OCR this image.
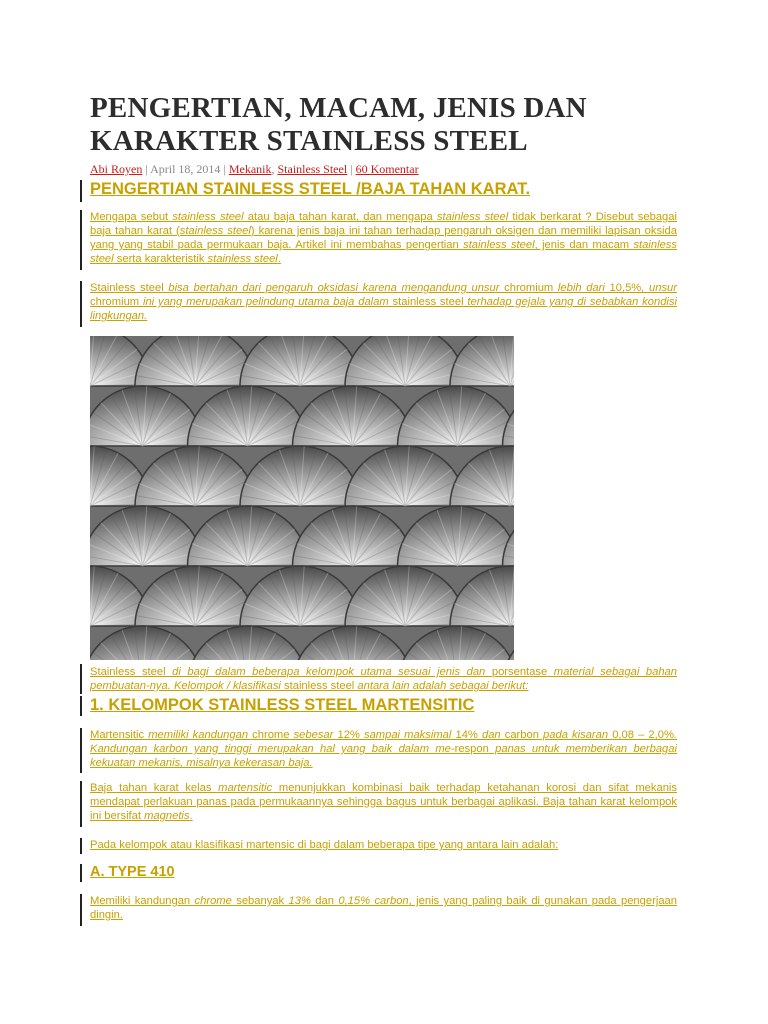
PENGERTIAN, MACAM, JENIS DAN KARAKTER STAINLESS STEEL
Abi Royen | April 18, 2014 | Mekanik, Stainless Steel | 60 Komentar
PENGERTIAN STAINLESS STEEL /BAJA TAHAN KARAT.

Mengapa sebut stainless steel atau baja tahan karat, dan mengapa stainless steel tidak berkarat ? Disebut sebagai baja tahan karat (stainless steel) karena jenis baja ini tahan terhadap pengaruh oksigen dan memiliki lapisan oksida yang yang stabil pada permukaan baja. Artikel ini membahas pengertian stainless steel, jenis dan macam stainless steel serta karakteristik stainless steel.

Stainless steel bisa bertahan dari pengaruh oksidasi karena mengandung unsur chromium lebih dari 10,5%, unsur chromium ini yang merupakan pelindung utama baja dalam stainless steel terhadap gejala yang di sebabkan kondisi lingkungan.

Stainless steel di bagi dalam beberapa kelompok utama sesuai jenis dan porsentase material sebagai bahan pembuatan-nya. Kelompok / klasifikasi stainless steel antara lain adalah sebagai berikut:

1. KELOMPOK STAINLESS STEEL MARTENSITIC

Martensitic memiliki kandungan chrome sebesar 12% sampai maksimal 14% dan carbon pada kisaran 0,08 – 2,0%. Kandungan karbon yang tinggi merupakan hal yang baik dalam me-respon panas untuk memberikan berbagai kekuatan mekanis, misalnya kekerasan baja.

Baja tahan karat kelas martensitic menunjukkan kombinasi baik terhadap ketahanan korosi dan sifat mekanis mendapat perlakuan panas pada permukaannya sehingga bagus untuk berbagai aplikasi. Baja tahan karat kelompok ini bersifat magnetis.

Pada kelompok atau klasifikasi martensic di bagi dalam beberapa tipe yang antara lain adalah:

A. TYPE 410

Memiliki kandungan chrome sebanyak 13% dan 0,15% carbon, jenis yang paling baik di gunakan pada pengerjaan dingin.
